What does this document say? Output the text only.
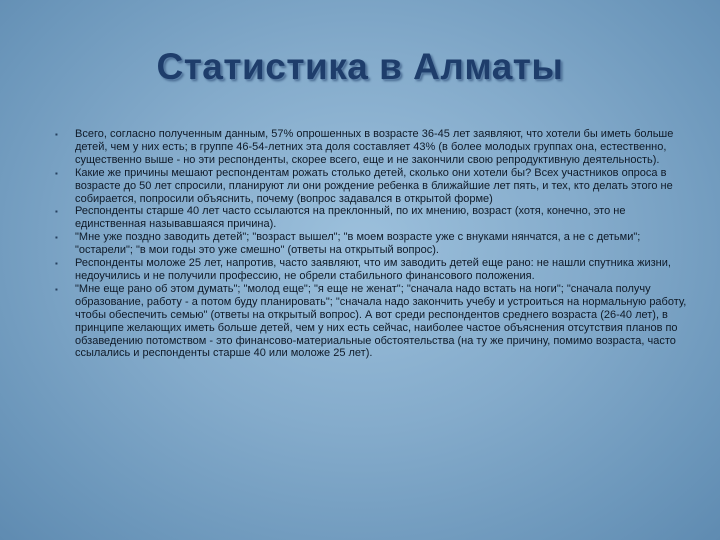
Статистика в Алматы
▪ Всего, согласно полученным данным, 57% опрошенных в возрасте 36-45 лет заявляют, что хотели бы иметь больше детей, чем у них есть; в группе 46-54-летних эта доля составляет 43% (в более молодых группах она, естественно, существенно выше - но эти респонденты, скорее всего, еще и не закончили свою репродуктивную деятельность).
▪ Какие же причины мешают респондентам рожать столько детей, сколько они хотели бы? Всех участников опроса в возрасте до 50 лет спросили, планируют ли они рождение ребенка в ближайшие лет пять, и тех, кто делать этого не собирается, попросили объяснить, почему (вопрос задавался в открытой форме)
▪ Респонденты старше 40 лет часто ссылаются на преклонный, по их мнению, возраст (хотя, конечно, это не единственная называвшаяся причина).
▪ "Мне уже поздно заводить детей"; "возраст вышел"; "в моем возрасте уже с внуками нянчатся, а не с детьми"; "остарели"; "в мои годы это уже смешно" (ответы на открытый вопрос).
▪ Респонденты моложе 25 лет, напротив, часто заявляют, что им заводить детей еще рано: не нашли спутника жизни, недоучились и не получили профессию, не обрели стабильного финансового положения.
▪ "Мне еще рано об этом думать"; "молод еще"; "я еще не женат"; "сначала надо встать на ноги"; "сначала получу образование, работу - а потом буду планировать"; "сначала надо закончить учебу и устроиться на нормальную работу, чтобы обеспечить семью" (ответы на открытый вопрос). А вот среди респондентов среднего возраста (26-40 лет), в принципе желающих иметь больше детей, чем у них есть сейчас, наиболее частое объяснения отсутствия планов по обзаведению потомством - это финансово-материальные обстоятельства (на ту же причину, помимо возраста, часто ссылались и респонденты старше 40 или моложе 25 лет).
